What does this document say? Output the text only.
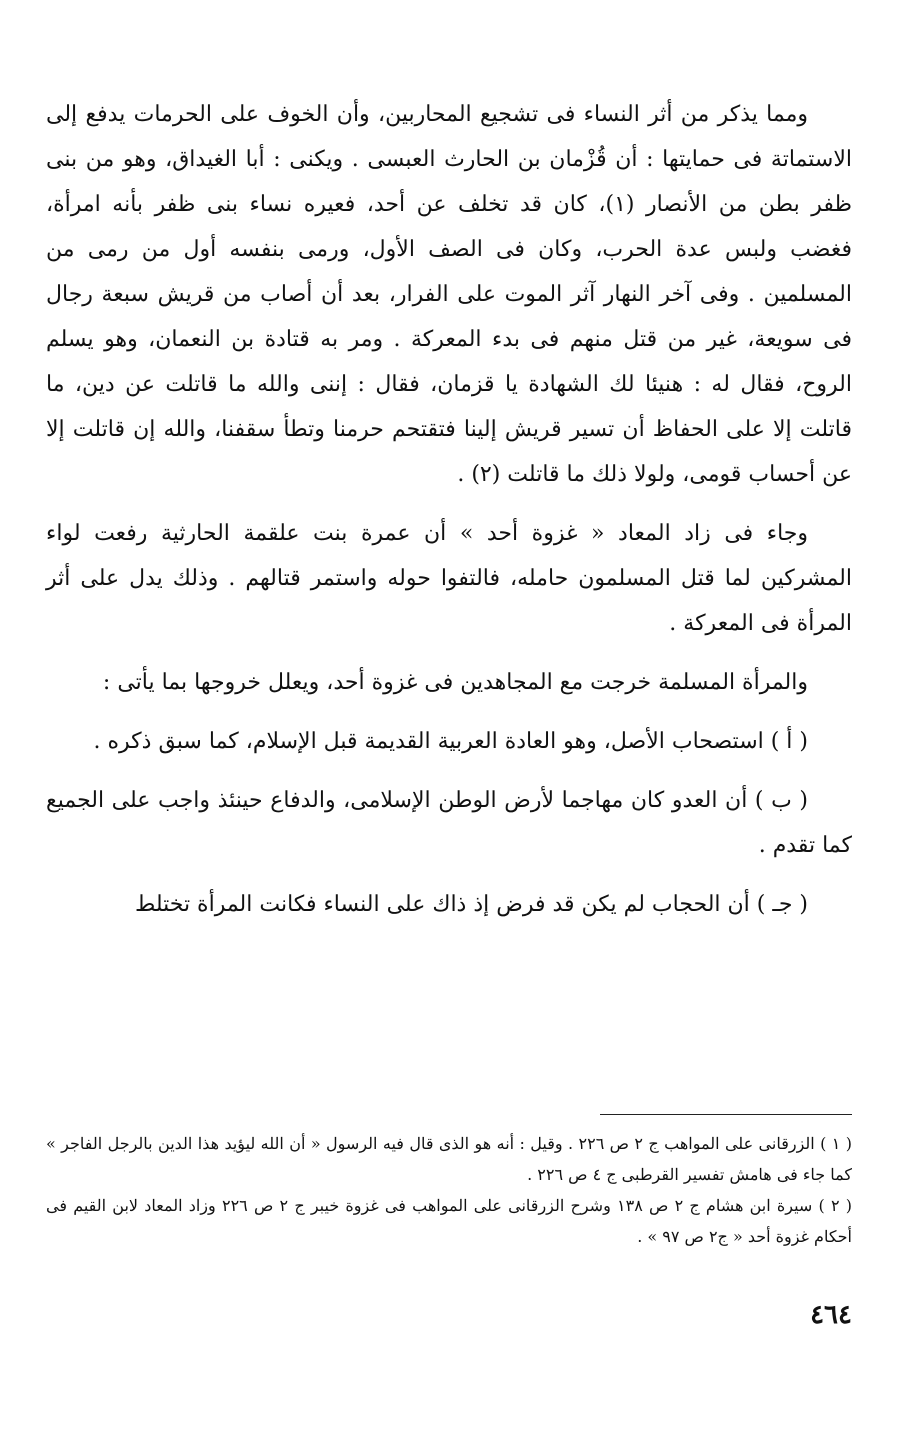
ومما يذكر من أثر النساء فى تشجيع المحاربين، وأن الخوف على الحرمات يدفع إلى الاستماتة فى حمايتها : أن قُزْمان بن الحارث العبسى . ويكنى : أبا الغيداق، وهو من بنى ظفر بطن من الأنصار (١)، كان قد تخلف عن أحد، فعيره نساء بنى ظفر بأنه امرأة، فغضب ولبس عدة الحرب، وكان فى الصف الأول، ورمى بنفسه أول من رمى من المسلمين . وفى آخر النهار آثر الموت على الفرار، بعد أن أصاب من قريش سبعة رجال فى سويعة، غير من قتل منهم فى بدء المعركة . ومر به قتادة بن النعمان، وهو يسلم الروح، فقال له : هنيئا لك الشهادة يا قزمان، فقال : إننى والله ما قاتلت عن دين، ما قاتلت إلا على الحفاظ أن تسير قريش إلينا فتقتحم حرمنا وتطأ سقفنا، والله إن قاتلت إلا عن أحساب قومى، ولولا ذلك ما قاتلت (٢) .

وجاء فى زاد المعاد « غزوة أحد » أن عمرة بنت علقمة الحارثية رفعت لواء المشركين لما قتل المسلمون حامله، فالتفوا حوله واستمر قتالهم . وذلك يدل على أثر المرأة فى المعركة .

والمرأة المسلمة خرجت مع المجاهدين فى غزوة أحد، ويعلل خروجها بما يأتى :

( أ ) استصحاب الأصل، وهو العادة العربية القديمة قبل الإسلام، كما سبق ذكره .

( ب ) أن العدو كان مهاجما لأرض الوطن الإسلامى، والدفاع حينئذ واجب على الجميع كما تقدم .

( جـ ) أن الحجاب لم يكن قد فرض إذ ذاك على النساء فكانت المرأة تختلط

( ١ ) الزرقانى على المواهب ج ٢ ص ٢٢٦ . وقيل : أنه هو الذى قال فيه الرسول « أن الله ليؤيد هذا الدين بالرجل الفاجر » كما جاء فى هامش تفسير القرطبى ج ٤ ص ٢٢٦ .

( ٢ ) سيرة ابن هشام ج ٢ ص ١٣٨ وشرح الزرقانى على المواهب فى غزوة خيبر ج ٢ ص ٢٢٦ وزاد المعاد لابن القيم فى أحكام غزوة أحد « ج٢ ص ٩٧ » .

٤٦٤
